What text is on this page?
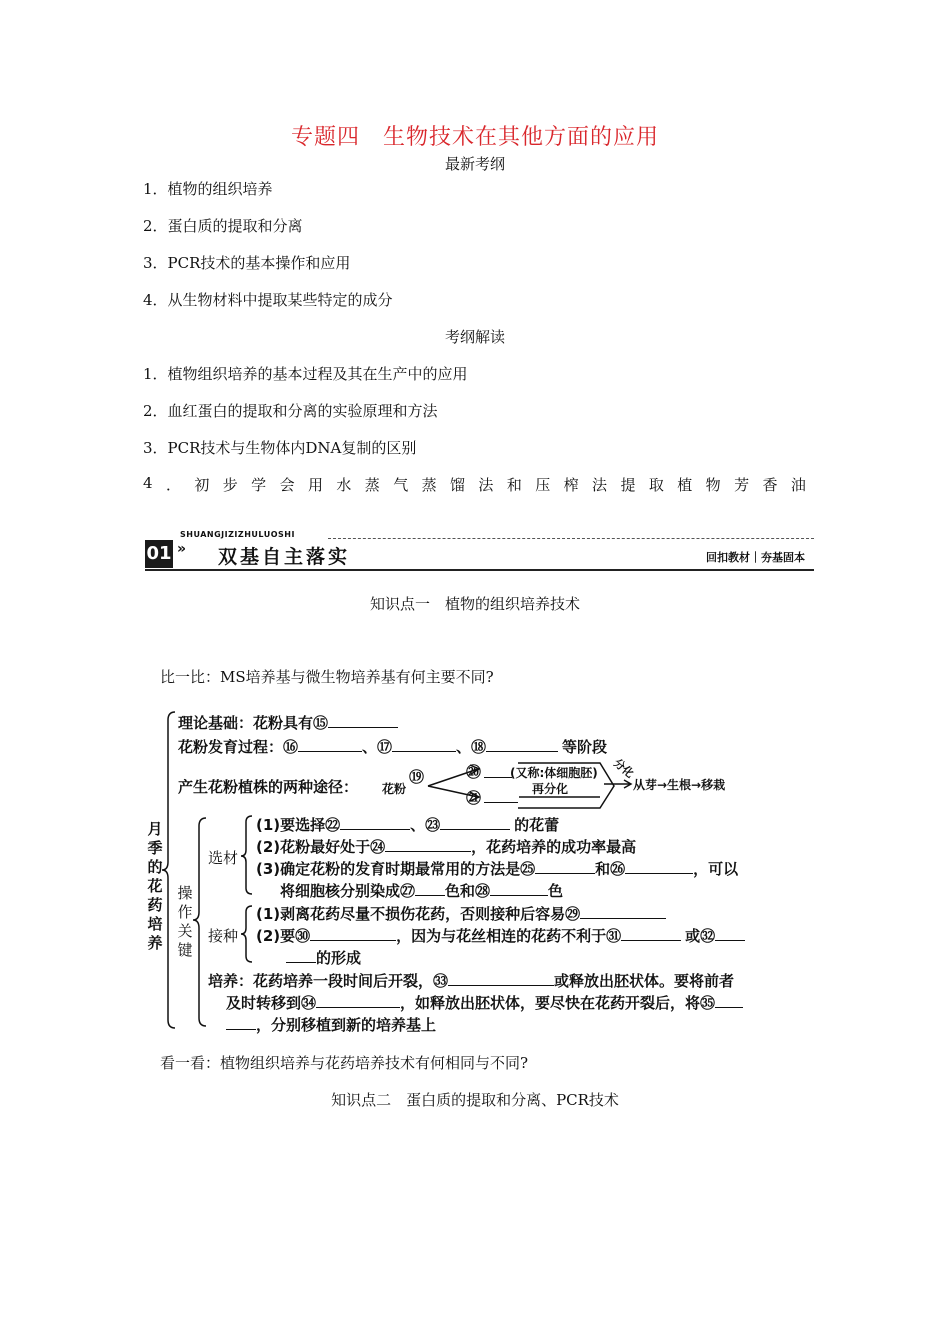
专题四　生物技术在其他方面的应用
最新考纲
1．植物的组织培养
2．蛋白质的提取和分离
3．PCR技术的基本操作和应用
4．从生物材料中提取某些特定的成分
考纲解读
1．植物组织培养的基本过程及其在生产中的应用
2．血红蛋白的提取和分离的实验原理和方法
3．PCR技术与生物体内DNA复制的区别
4 ． 初 步 学 会 用 水 蒸 气 蒸 馏 法 和 压 榨 法 提 取 植 物 芳 香 油
SHUANGJIZIZHULUOSHI
01 » 双基自主落实	回扣教材｜夯基固本
知识点一　植物的组织培养技术
比一比：MS培养基与微生物培养基有何主要不同?
月
季
的
花
药
培
养
理论基础：花粉具有⑮
花粉发育过程：⑯	、⑰	、⑱	等阶段
产生花粉植株的两种途径： 花粉
⑲	⑳
㉑
(又称:体细胞胚)
再分化
分化
从芽→生根→移栽
操
作
关
键
选材
(1)要选择㉒	、㉓	的花蕾
(2)花粉最好处于㉔	，花药培养的成功率最高
(3)确定花粉的发育时期最常用的方法是㉕	和㉖	，可以
将细胞核分别染成㉗ 色和㉘	色
接种
(1)剥离花药尽量不损伤花药，否则接种后容易㉙
(2)要㉚	，因为与花丝相连的花药不利于㉛	或㉜
的形成
培养：花药培养一段时间后开裂，㉝	或释放出胚状体。要将前者
及时转移到㉞	，如释放出胚状体，要尽快在花药开裂后，将㉟
，分别移植到新的培养基上
看一看：植物组织培养与花药培养技术有何相同与不同?
知识点二　蛋白质的提取和分离、PCR技术
